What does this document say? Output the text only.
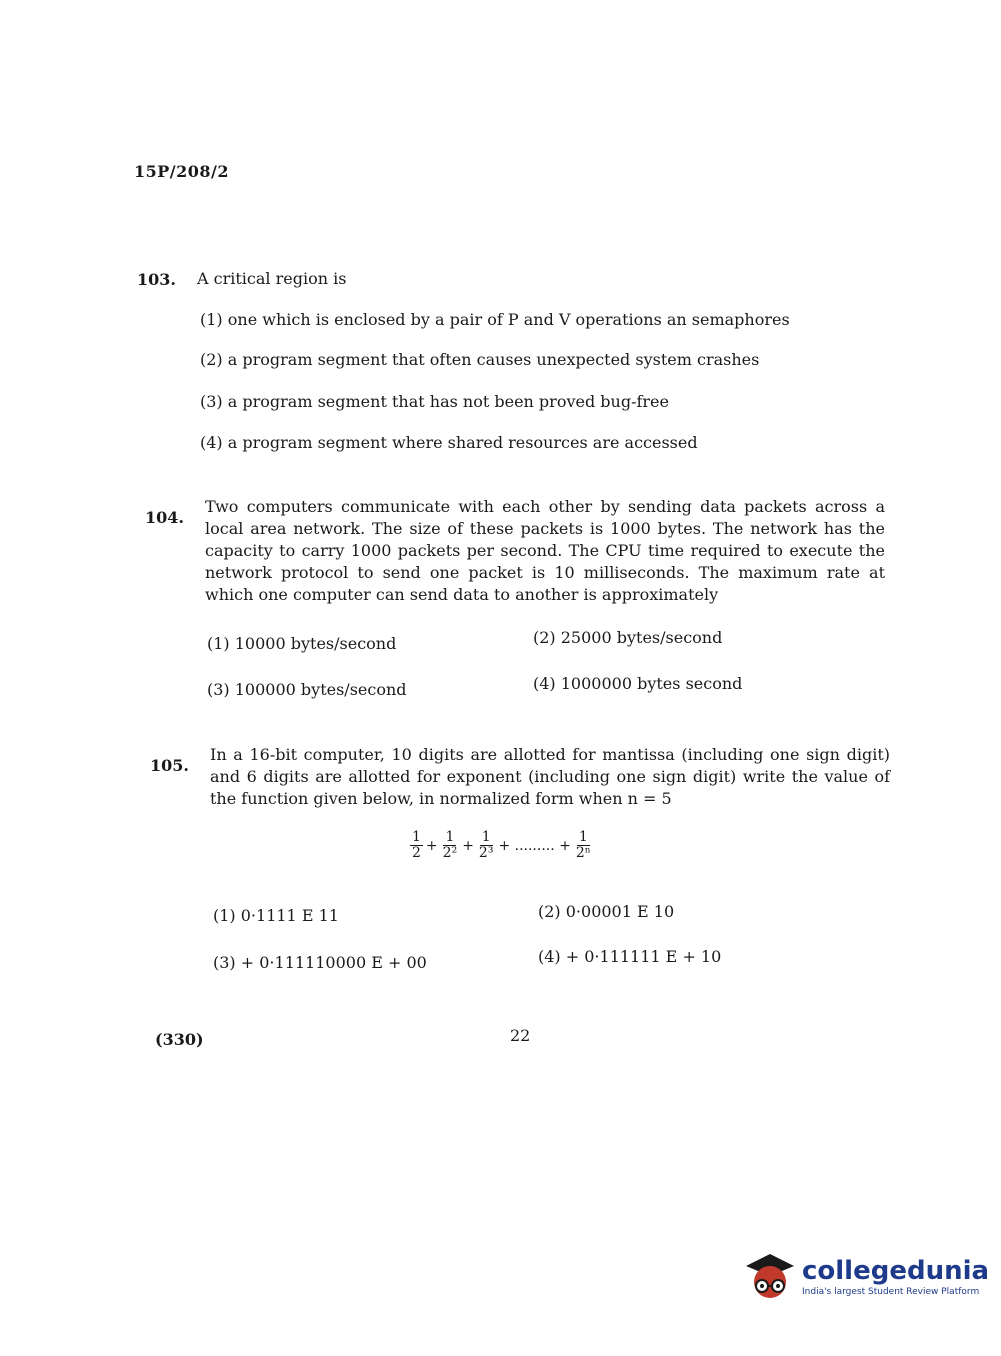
15P/208/2
103. A critical region is
(1) one which is enclosed by a pair of P and V operations an semaphores
(2) a program segment that often causes unexpected system crashes
(3) a program segment that has not been proved bug-free
(4) a program segment where shared resources are accessed
104.
Two computers communicate with each other by sending data packets across a local area network. The size of these packets is 1000 bytes. The network has the capacity to carry 1000 packets per second. The CPU time required to execute the network protocol to send one packet is 10 milliseconds. The maximum rate at which one computer can send data to another is approximately
(1) 10000 bytes/second	(2) 25000 bytes/second
(3) 100000 bytes/second	(4) 1000000 bytes second
105.
In a 16-bit computer, 10 digits are allotted for mantissa (including one sign digit) and 6 digits are allotted for exponent (including one sign digit) write the value of the function given below, in normalized form when n = 5
$\frac{1}{2} + \frac{1}{\text{2²}} + \frac{1}{\text{2³}}$ + ......... + $\frac{1}{\text{2ⁿ}}$
(1) 0·1111 E 11	(2) 0·00001 E 10
(3) + 0·111110000 E + 00	(4) + 0·111111 E + 10
(330)	22
collegedunia
India's largest Student Review Platform
